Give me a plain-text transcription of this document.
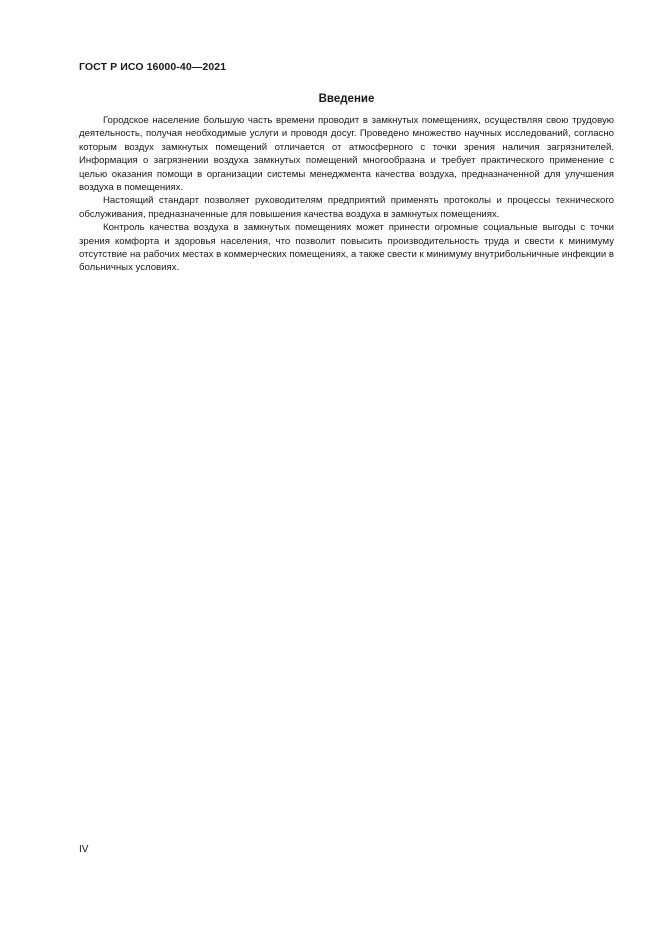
ГОСТ Р ИСО 16000-40—2021
Введение

Городское население большую часть времени проводит в замкнутых помещениях, осуществляя свою трудовую деятельность, получая необходимые услуги и проводя досуг. Проведено множество научных исследований, согласно которым воздух замкнутых помещений отличается от атмосферного с точки зрения наличия загрязнителей. Информация о загрязнении воздуха замкнутых помещений многообразна и требует практического применение с целью оказания помощи в организации системы менеджмента качества воздуха, предназначенной для улучшения воздуха в помещениях.

Настоящий стандарт позволяет руководителям предприятий применять протоколы и процессы технического обслуживания, предназначенные для повышения качества воздуха в замкнутых помещениях.

Контроль качества воздуха в замкнутых помещениях может принести огромные социальные выгоды с точки зрения комфорта и здоровья населения, что позволит повысить производительность труда и свести к минимуму отсутствие на рабочих местах в коммерческих помещениях, а также свести к минимуму внутрибольничные инфекции в больничных условиях.

IV
